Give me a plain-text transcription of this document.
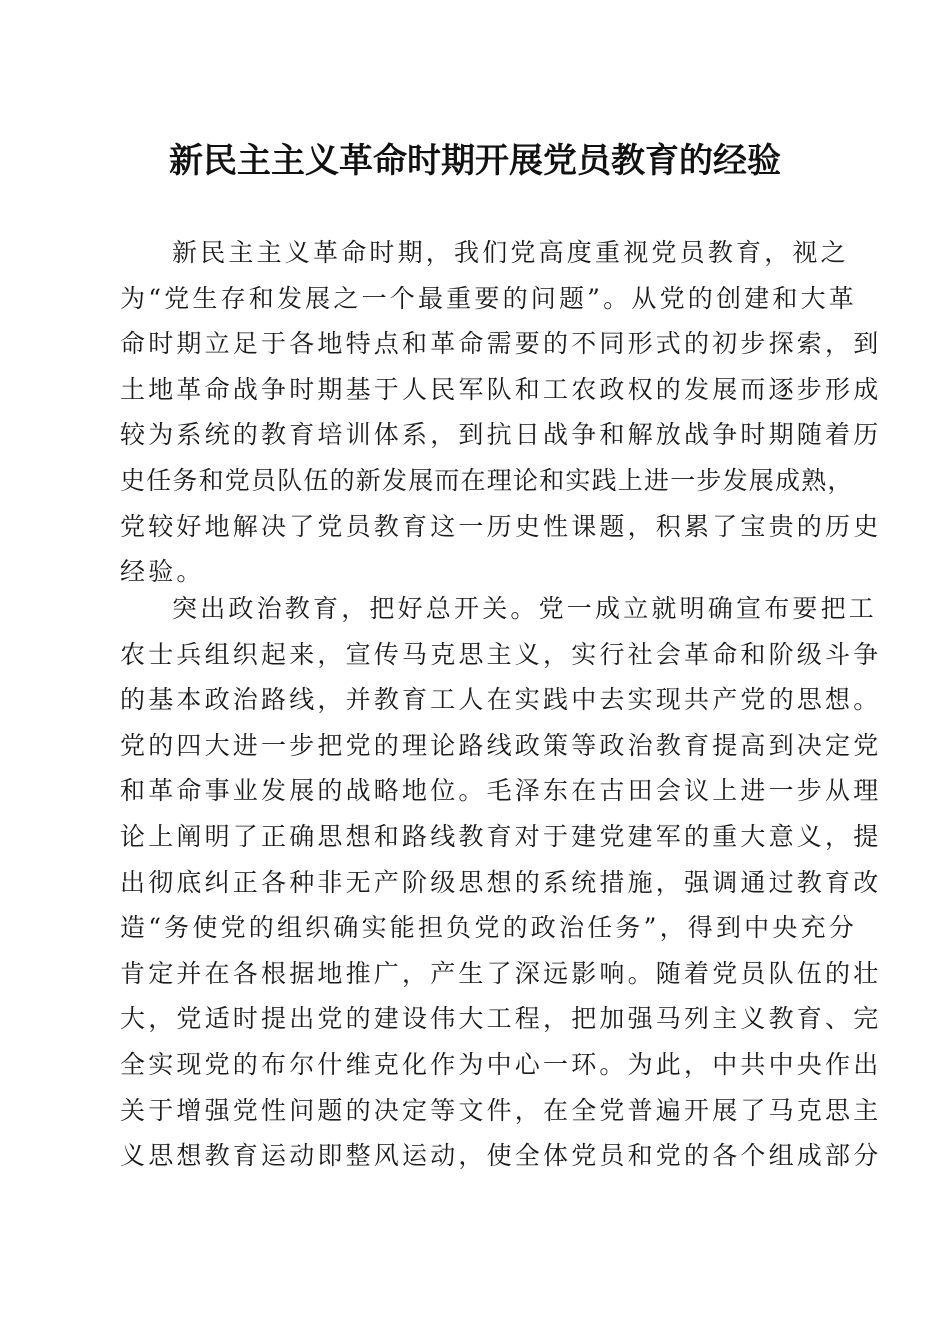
新民主主义革命时期开展党员教育的经验
新民主主义革命时期，我们党高度重视党员教育，视之
为“党生存和发展之一个最重要的问题”。从党的创建和大革
命时期立足于各地特点和革命需要的不同形式的初步探索，到
土地革命战争时期基于人民军队和工农政权的发展而逐步形成
较为系统的教育培训体系，到抗日战争和解放战争时期随着历
史任务和党员队伍的新发展而在理论和实践上进一步发展成熟，
党较好地解决了党员教育这一历史性课题，积累了宝贵的历史
经验。
突出政治教育，把好总开关。党一成立就明确宣布要把工
农士兵组织起来，宣传马克思主义，实行社会革命和阶级斗争
的基本政治路线，并教育工人在实践中去实现共产党的思想。
党的四大进一步把党的理论路线政策等政治教育提高到决定党
和革命事业发展的战略地位。毛泽东在古田会议上进一步从理
论上阐明了正确思想和路线教育对于建党建军的重大意义，提
出彻底纠正各种非无产阶级思想的系统措施，强调通过教育改
造“务使党的组织确实能担负党的政治任务”，得到中央充分
肯定并在各根据地推广，产生了深远影响。随着党员队伍的壮
大，党适时提出党的建设伟大工程，把加强马列主义教育、完
全实现党的布尔什维克化作为中心一环。为此，中共中央作出
关于增强党性问题的决定等文件，在全党普遍开展了马克思主
义思想教育运动即整风运动，使全体党员和党的各个组成部分
